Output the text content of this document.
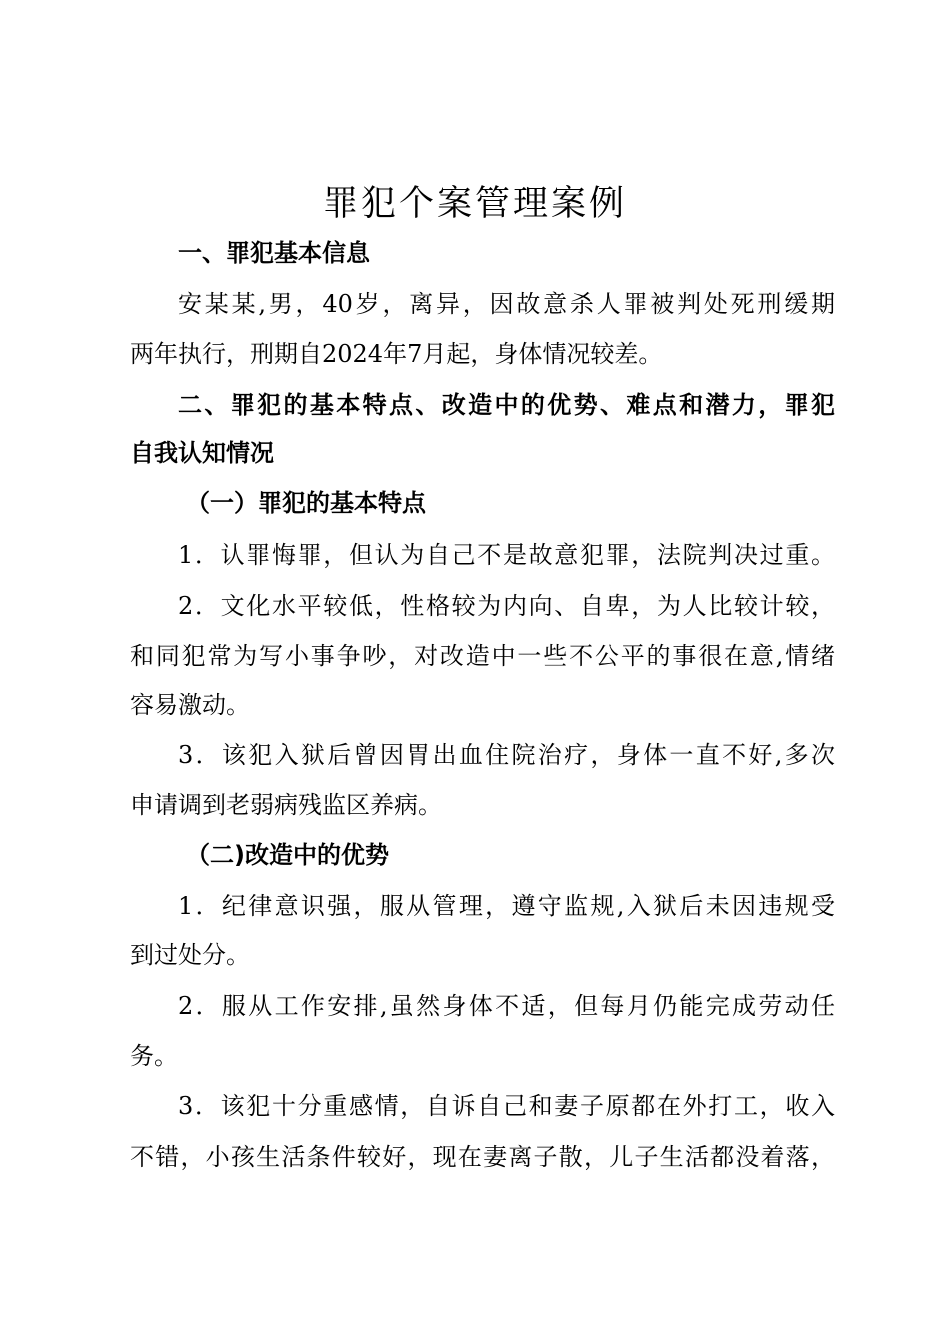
罪犯个案管理案例
一、罪犯基本信息
安某某,男，40岁，离异，因故意杀人罪被判处死刑缓期
两年执行，刑期自2024年7月起，身体情况较差。
二、罪犯的基本特点、改造中的优势、难点和潜力，罪犯
自我认知情况
（一）罪犯的基本特点
1．认罪悔罪，但认为自己不是故意犯罪，法院判决过重。
2．文化水平较低，性格较为内向、自卑，为人比较计较，
和同犯常为写小事争吵，对改造中一些不公平的事很在意,情绪
容易激动。
3．该犯入狱后曾因胃出血住院治疗，身体一直不好,多次
申请调到老弱病残监区养病。
（二)改造中的优势
1．纪律意识强，服从管理，遵守监规,入狱后未因违规受
到过处分。
2．服从工作安排,虽然身体不适，但每月仍能完成劳动任
务。
3．该犯十分重感情，自诉自己和妻子原都在外打工，收入
不错，小孩生活条件较好，现在妻离子散，儿子生活都没着落，
